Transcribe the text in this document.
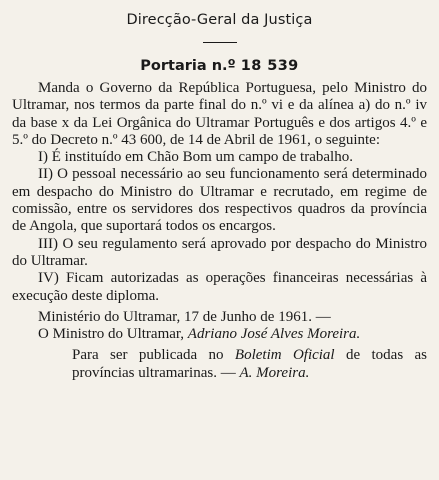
Direcção-Geral da Justiça
Portaria n.º 18 539

Manda o Governo da República Portuguesa, pelo Ministro do Ultramar, nos termos da parte final do n.º vi e da alínea a) do n.º iv da base x da Lei Orgânica do Ultramar Português e dos artigos 4.º e 5.º do Decreto n.º 43 600, de 14 de Abril de 1961, o seguinte:

I) É instituído em Chão Bom um campo de trabalho.

II) O pessoal necessário ao seu funcionamento será determinado em despacho do Ministro do Ultramar e recrutado, em regime de comissão, entre os servidores dos respectivos quadros da província de Angola, que suportará todos os encargos.

III) O seu regulamento será aprovado por despacho do Ministro do Ultramar.

IV) Ficam autorizadas as operações financeiras necessárias à execução deste diploma.

Ministério do Ultramar, 17 de Junho de 1961. —

O Ministro do Ultramar, Adriano José Alves Moreira.

Para ser publicada no Boletim Oficial de todas as províncias ultramarinas. — A. Moreira.
